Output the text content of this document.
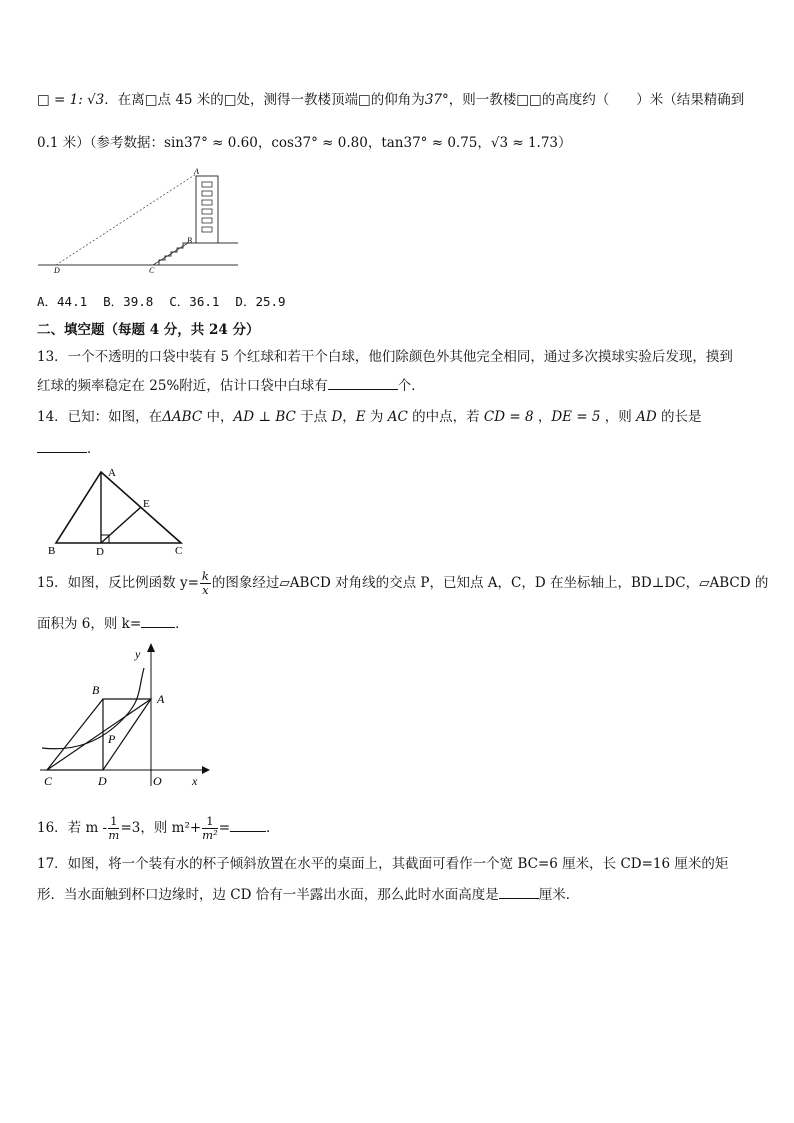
□ = 1: √3．在离□点 45 米的□处，测得一教楼顶端□的仰角为37°，则一教楼□□的高度约（　　）米（结果精确到
0.1 米）（参考数据：sin37° ≈ 0.60，cos37° ≈ 0.80，tan37° ≈ 0.75，√3 ≈ 1.73）
A
B
C
D
A．44.1 B．39.8 C．36.1 D．25.9
二、填空题（每题 4 分，共 24 分）
13．一个不透明的口袋中装有 5 个红球和若干个白球，他们除颜色外其他完全相同，通过多次摸球实验后发现，摸到
红球的频率稳定在 25%附近，估计口袋中白球有	个．
14．已知：如图，在ΔABC 中，AD ⊥ BC 于点 D，E 为 AC 的中点，若 CD = 8 ，DE = 5 ，则 AD 的长是
．
A
B	C
D
E
15．如图，反比例函数 $y= \frac{k}{x}$ 的图象经过▱ABCD 对角线的交点 P，已知点 A，C，D 在坐标轴上，BD⊥DC，▱ABCD 的
面积为 6，则 k=	．
y
x
A
B
C	D	O
P
16．若 $m - \frac{1}{m} =3$，则 $m^2+ \frac{1}{\text{m²}}$ =	．
17．如图，将一个装有水的杯子倾斜放置在水平的桌面上，其截面可看作一个宽 BC=6 厘米，长 CD=16 厘米的矩
形．当水面触到杯口边缘时，边 CD 恰有一半露出水面，那么此时水面高度是	厘米．
